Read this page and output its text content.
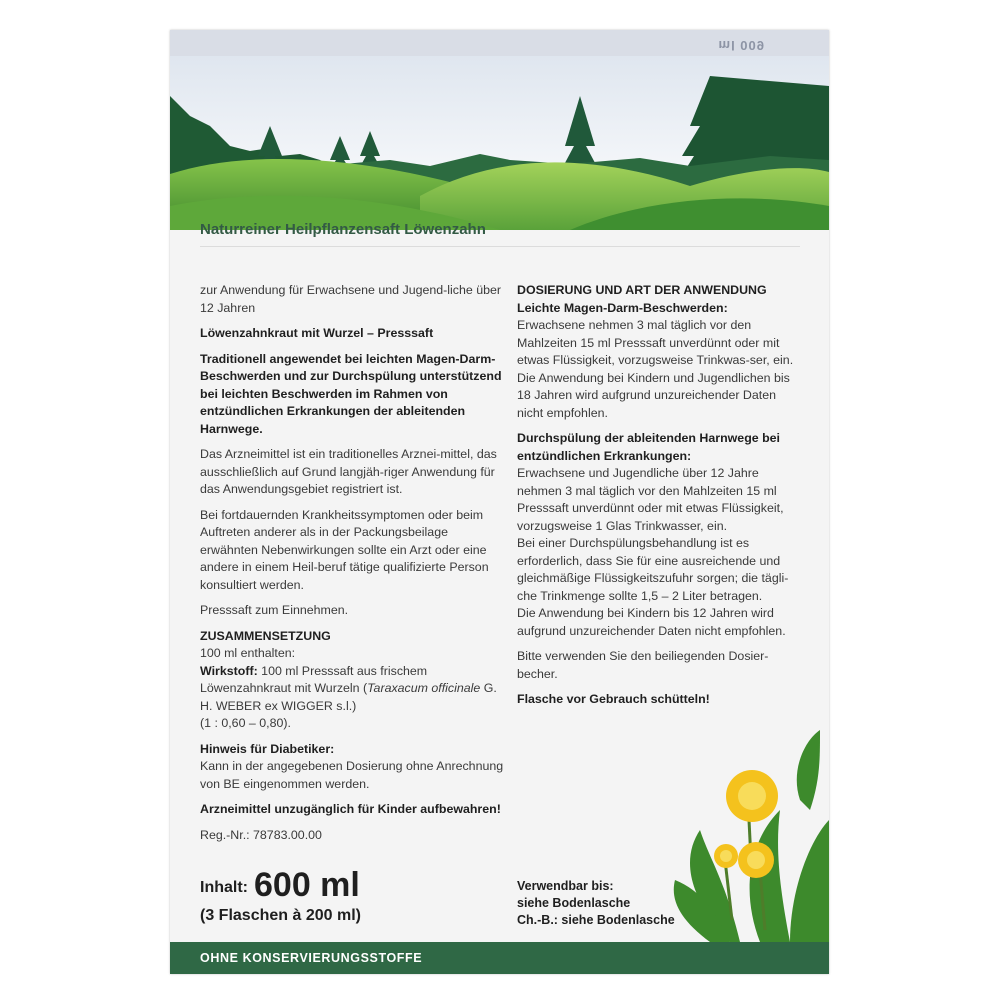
ml 009
Naturreiner Heilpflanzensaft Löwenzahn

zur Anwendung für Erwachsene und Jugend-liche über 12 Jahren

Löwenzahnkraut mit Wurzel – Presssaft

Traditionell angewendet bei leichten Magen-Darm-Beschwerden und zur Durchspülung unterstützend bei leichten Beschwerden im Rahmen von entzündlichen Erkrankungen der ableitenden Harnwege.

Das Arzneimittel ist ein traditionelles Arznei-mittel, das ausschließlich auf Grund langjäh-riger Anwendung für das Anwendungsgebiet registriert ist.

Bei fortdauernden Krankheitssymptomen oder beim Auftreten anderer als in der Packungsbeilage erwähnten Nebenwirkungen sollte ein Arzt oder eine andere in einem Heil-beruf tätige qualifizierte Person konsultiert werden.

Presssaft zum Einnehmen.

ZUSAMMENSETZUNG

100 ml enthalten:

Wirkstoff: 100 ml Presssaft aus frischem Löwenzahnkraut mit Wurzeln (Taraxacum officinale G. H. WEBER ex WIGGER s.l.)

(1 : 0,60 – 0,80).

Hinweis für Diabetiker:

Kann in der angegebenen Dosierung ohne Anrechnung von BE eingenommen werden.

Arzneimittel unzugänglich für Kinder aufbewahren!

Reg.-Nr.: 78783.00.00

DOSIERUNG UND ART DER ANWENDUNG

Leichte Magen-Darm-Beschwerden:

Erwachsene nehmen 3 mal täglich vor den Mahlzeiten 15 ml Presssaft unverdünnt oder mit etwas Flüssigkeit, vorzugsweise Trinkwas-ser, ein.

Die Anwendung bei Kindern und Jugendlichen bis 18 Jahren wird aufgrund unzureichender Daten nicht empfohlen.

Durchspülung der ableitenden Harnwege bei entzündlichen Erkrankungen:

Erwachsene und Jugendliche über 12 Jahre nehmen 3 mal täglich vor den Mahlzeiten 15 ml Presssaft unverdünnt oder mit etwas Flüssigkeit, vorzugsweise 1 Glas Trinkwasser, ein.

Bei einer Durchspülungsbehandlung ist es erforderlich, dass Sie für eine ausreichende und gleichmäßige Flüssigkeitszufuhr sorgen; die tägli-che Trinkmenge sollte 1,5 – 2 Liter betragen.

Die Anwendung bei Kindern bis 12 Jahren wird aufgrund unzureichender Daten nicht empfohlen.

Bitte verwenden Sie den beiliegenden Dosier-becher.

Flasche vor Gebrauch schütteln!

Inhalt: 600 ml
(3 Flaschen à 200 ml)
Verwendbar bis:
siehe Bodenlasche
Ch.-B.: siehe Bodenlasche
OHNE KONSERVIERUNGSSTOFFE
